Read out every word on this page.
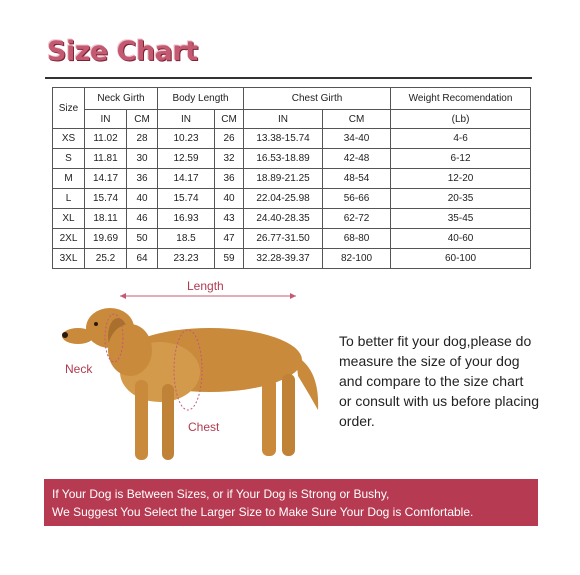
Size Chart
Size	Neck Girth		Body Length		Chest Girth		Weight Recomendation
	IN	CM	IN	CM	IN	CM	(Lb)
XS	11.02	28	10.23	26	13.38-15.74	34-40	4-6
S	11.81	30	12.59	32	16.53-18.89	42-48	6-12
M	14.17	36	14.17	36	18.89-21.25	48-54	12-20
L	15.74	40	15.74	40	22.04-25.98	56-66	20-35
XL	18.11	46	16.93	43	24.40-28.35	62-72	35-45
2XL	19.69	50	18.5	47	26.77-31.50	68-80	40-60
3XL	25.2	64	23.23	59	32.28-39.37	82-100	60-100
Length
Neck
Chest
To better fit your dog,please do measure the size of your dog and compare to the size chart or consult with us before placing order.
If Your Dog is Between Sizes, or if Your Dog is Strong or Bushy,
We Suggest You Select the Larger Size to Make Sure Your Dog is Comfortable.
